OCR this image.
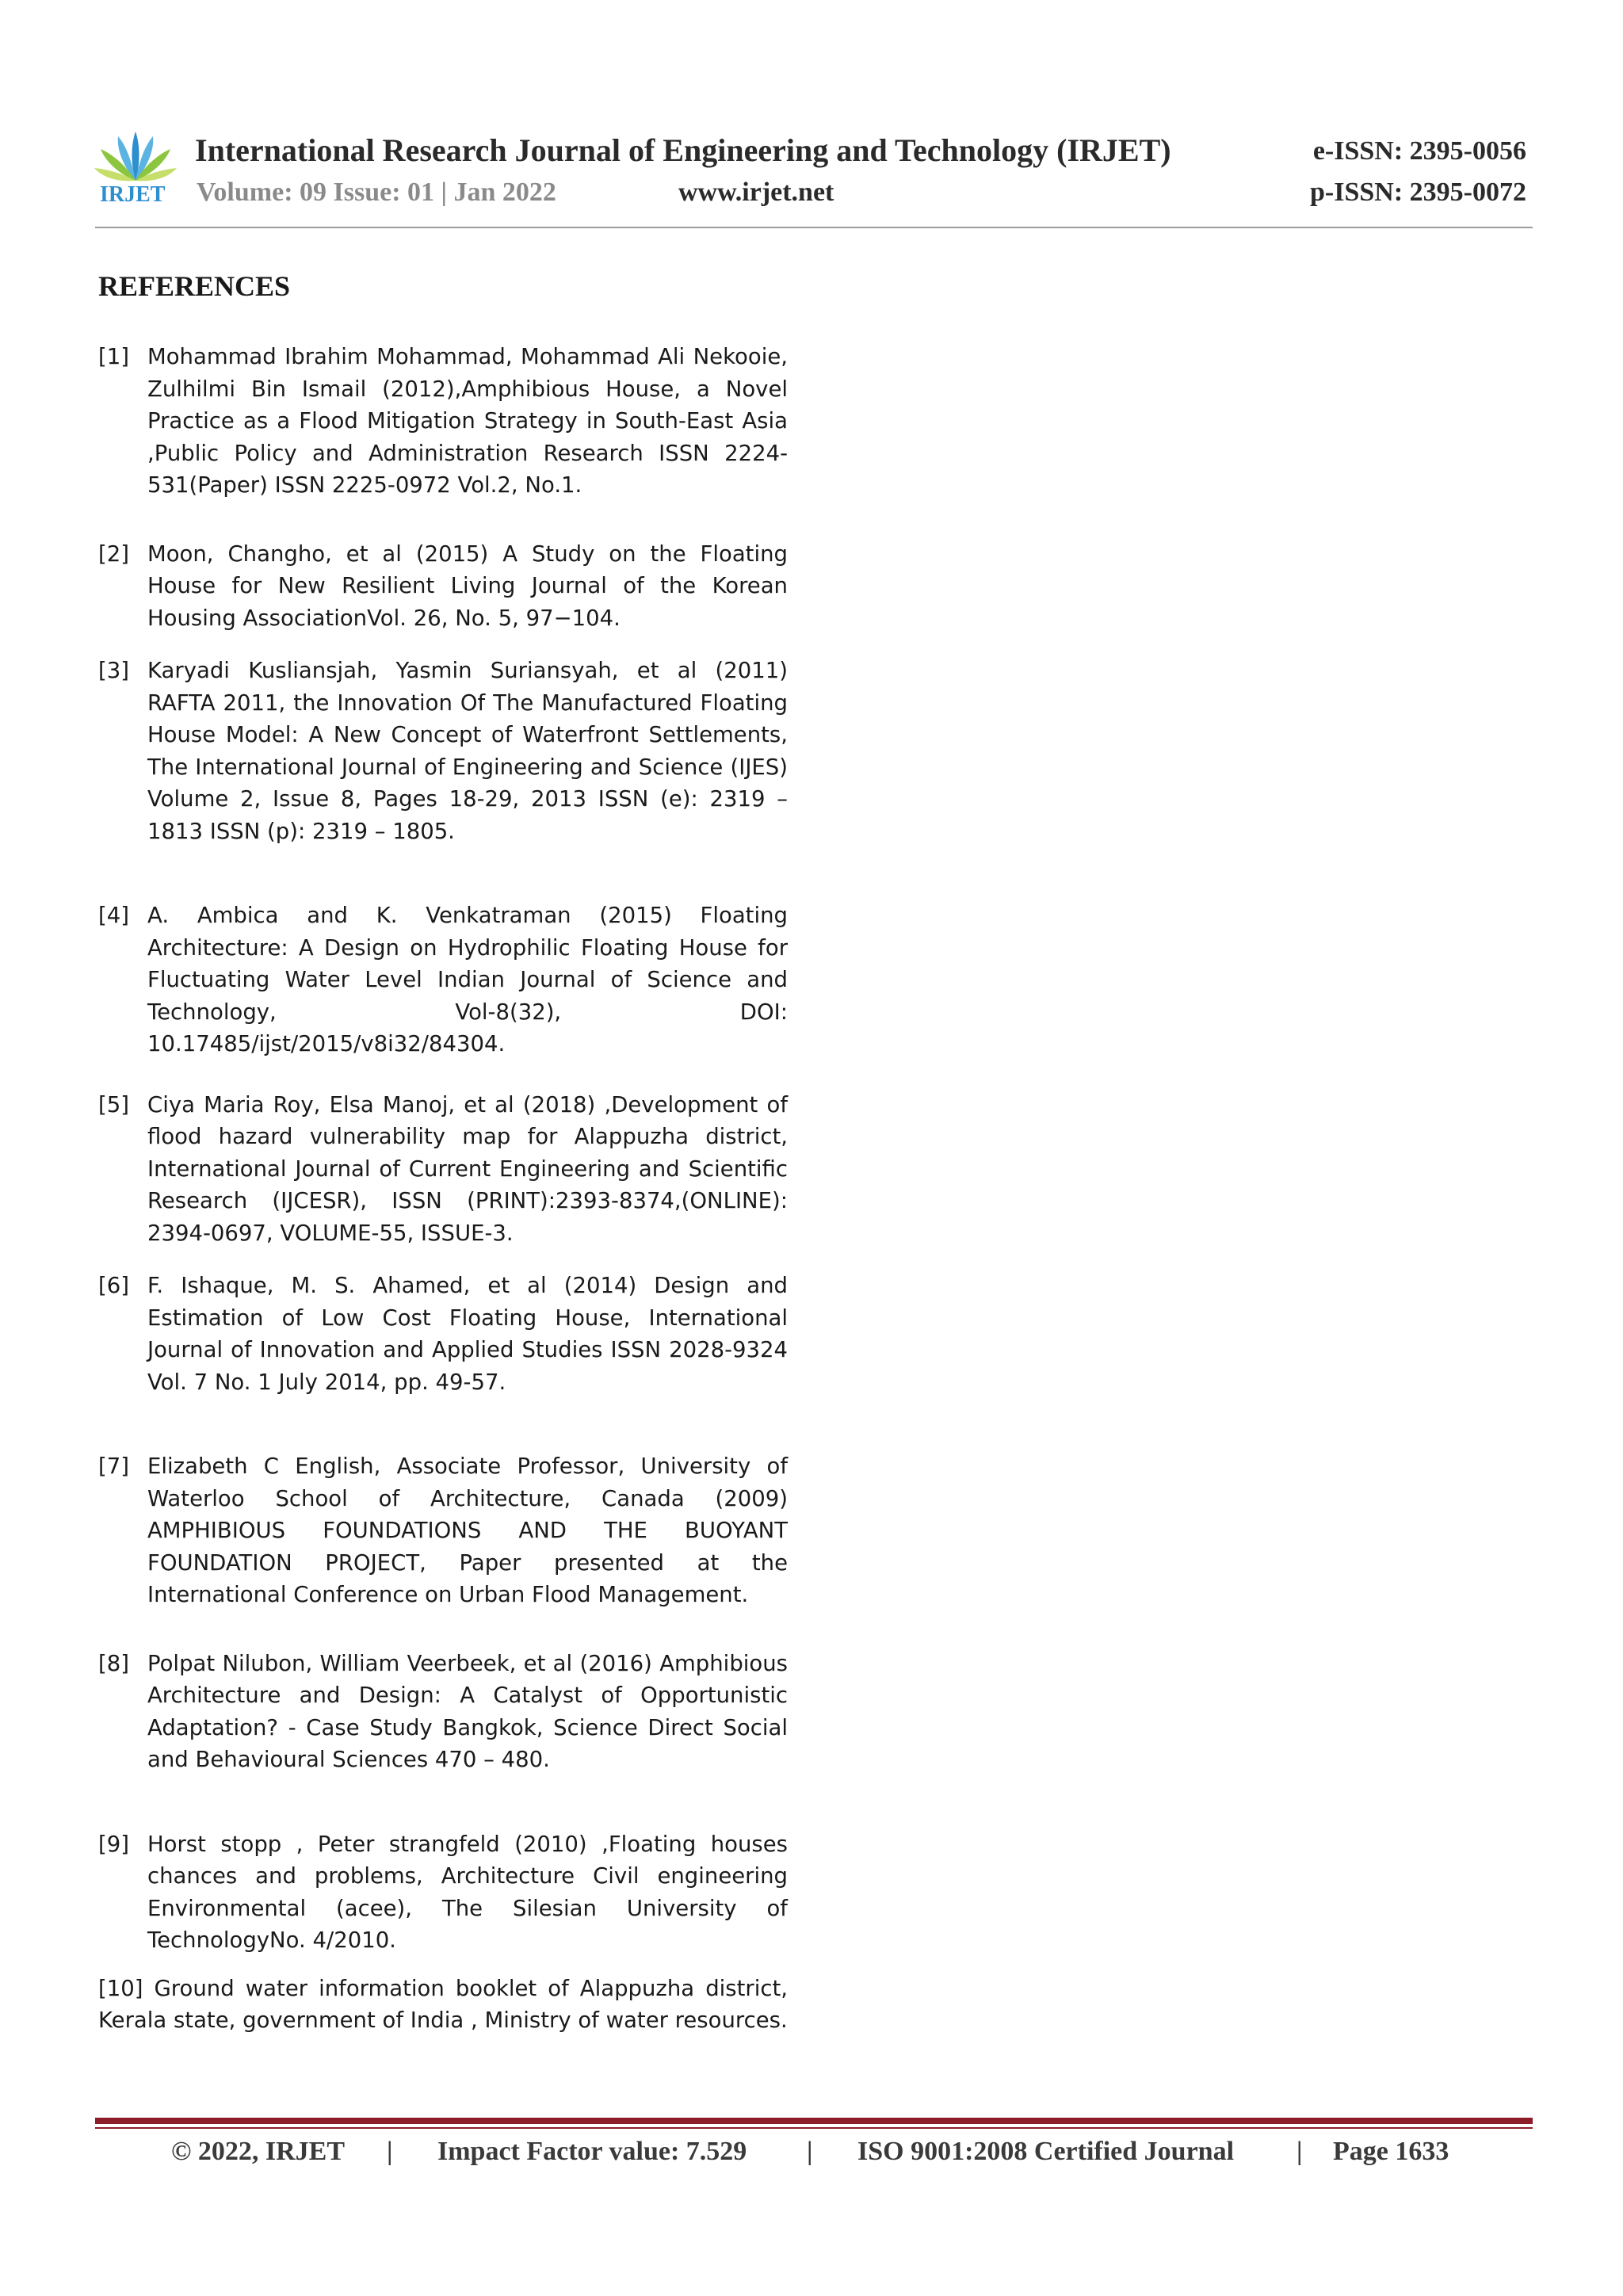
IRJET
International Research Journal of Engineering and Technology (IRJET)	e-ISSN: 2395-0056
Volume: 09 Issue: 01 | Jan 2022	www.irjet.net	p-ISSN: 2395-0072
REFERENCES
[1] Mohammad Ibrahim Mohammad, Mohammad Ali Nekooie, Zulhilmi Bin Ismail (2012),Amphibious House, a Novel Practice as a Flood Mitigation Strategy in South-East Asia ,Public Policy and Administration Research ISSN 2224- 531(Paper) ISSN 2225-0972 Vol.2, No.1.
[2] Moon, Changho, et al (2015) A Study on the Floating House for New Resilient Living Journal of the Korean Housing AssociationVol. 26, No. 5, 97−104.
[3] Karyadi Kusliansjah, Yasmin Suriansyah, et al (2011) RAFTA 2011, the Innovation Of The Manufactured Floating House Model: A New Concept of Waterfront Settlements, The International Journal of Engineering and Science (IJES) Volume 2, Issue 8, Pages 18-29, 2013 ISSN (e): 2319 – 1813 ISSN (p): 2319 – 1805.
[4] A. Ambica and K. Venkatraman (2015) Floating Architecture: A Design on Hydrophilic Floating House for Fluctuating Water Level Indian Journal of Science and Technology, Vol-8(32), DOI: 10.17485/ijst/2015/v8i32/84304.
[5] Ciya Maria Roy, Elsa Manoj, et al (2018) ,Development of flood hazard vulnerability map for Alappuzha district, International Journal of Current Engineering and Scientific Research (IJCESR), ISSN (PRINT):2393-8374,(ONLINE): 2394-0697, VOLUME-55, ISSUE-3.
[6] F. Ishaque, M. S. Ahamed, et al (2014) Design and Estimation of Low Cost Floating House, International Journal of Innovation and Applied Studies ISSN 2028-9324 Vol. 7 No. 1 July 2014, pp. 49-57.
[7] Elizabeth C English, Associate Professor, University of Waterloo School of Architecture, Canada (2009) AMPHIBIOUS FOUNDATIONS AND THE BUOYANT FOUNDATION PROJECT, Paper presented at the International Conference on Urban Flood Management.
[8] Polpat Nilubon, William Veerbeek, et al (2016) Amphibious Architecture and Design: A Catalyst of Opportunistic Adaptation? - Case Study Bangkok, Science Direct Social and Behavioural Sciences 470 – 480.
[9] Horst stopp , Peter strangfeld (2010) ,Floating houses chances and problems, Architecture Civil engineering Environmental (acee), The Silesian University of TechnologyNo. 4/2010.
[10] Ground water information booklet of Alappuzha district, Kerala state, government of India , Ministry of water resources.
© 2022, IRJET | Impact Factor value: 7.529 | ISO 9001:2008 Certified Journal | Page 1633
